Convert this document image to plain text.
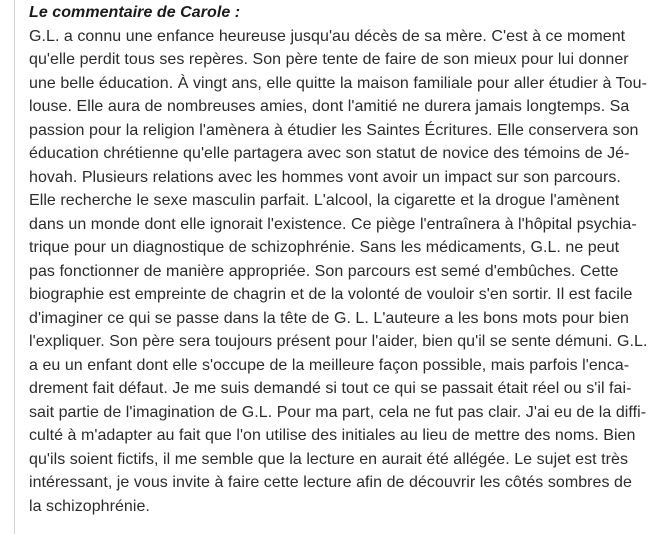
Le commentaire de Carole :
G.L. a connu une enfance heureuse jusqu'au décès de sa mère. C'est à ce moment
qu'elle perdit tous ses repères. Son père tente de faire de son mieux pour lui donner
une belle éducation. À vingt ans, elle quitte la maison familiale pour aller étudier à Tou-
louse. Elle aura de nombreuses amies, dont l'amitié ne durera jamais longtemps. Sa
passion pour la religion l'amènera à étudier les Saintes Écritures. Elle conservera son
éducation chrétienne qu'elle partagera avec son statut de novice des témoins de Jé-
hovah. Plusieurs relations avec les hommes vont avoir un impact sur son parcours.
Elle recherche le sexe masculin parfait. L'alcool, la cigarette et la drogue l'amènent
dans un monde dont elle ignorait l'existence. Ce piège l'entraînera à l'hôpital psychia-
trique pour un diagnostique de schizophrénie. Sans les médicaments, G.L. ne peut
pas fonctionner de manière appropriée. Son parcours est semé d'embûches. Cette
biographie est empreinte de chagrin et de la volonté de vouloir s'en sortir. Il est facile
d'imaginer ce qui se passe dans la tête de G. L. L'auteure a les bons mots pour bien
l'expliquer. Son père sera toujours présent pour l'aider, bien qu'il se sente démuni. G.L.
a eu un enfant dont elle s'occupe de la meilleure façon possible, mais parfois l'enca-
drement fait défaut. Je me suis demandé si tout ce qui se passait était réel ou s'il fai-
sait partie de l'imagination de G.L. Pour ma part, cela ne fut pas clair. J'ai eu de la diffi-
culté à m'adapter au fait que l'on utilise des initiales au lieu de mettre des noms. Bien
qu'ils soient fictifs, il me semble que la lecture en aurait été allégée. Le sujet est très
intéressant, je vous invite à faire cette lecture afin de découvrir les côtés sombres de
la schizophrénie.
